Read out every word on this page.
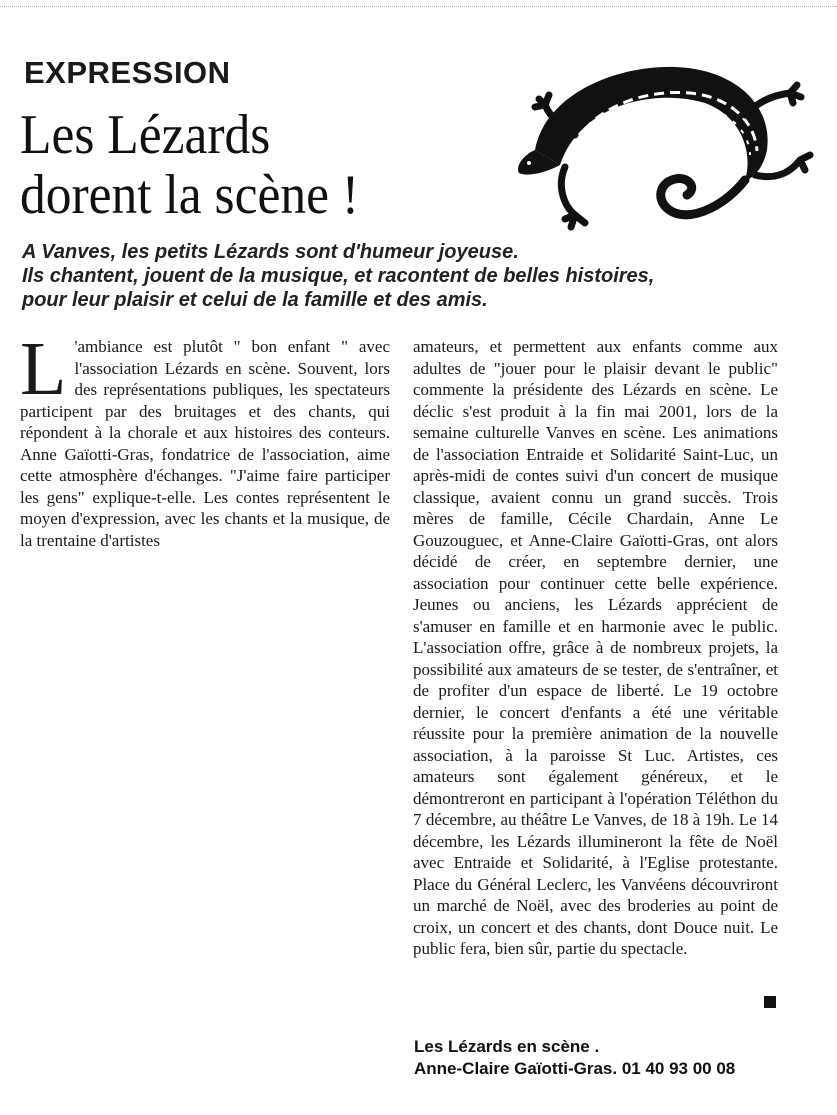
EXPRESSION
Les Lézards
dorent la scène !
A Vanves, les petits Lézards sont d'humeur joyeuse.
Ils chantent, jouent de la musique, et racontent de belles histoires,
pour leur plaisir et celui de la famille et des amis.
L 'ambiance est plutôt " bon enfant " avec l'association Lézards en scène. Souvent, lors des représentations publiques, les spectateurs participent par des bruitages et des chants, qui répondent à la chorale et aux histoires des conteurs. Anne Gaïotti-Gras, fondatrice de l'association, aime cette atmosphère d'échanges. "J'aime faire participer les gens" explique-t-elle. Les contes représentent le moyen d'expression, avec les chants et la musique, de la trentaine d'artistes

amateurs, et permettent aux enfants comme aux adultes de "jouer pour le plaisir devant le public" commente la présidente des Lézards en scène. Le déclic s'est produit à la fin mai 2001, lors de la semaine culturelle Vanves en scène. Les animations de l'association Entraide et Solidarité Saint-Luc, un après-midi de contes suivi d'un concert de musique classique, avaient connu un grand succès. Trois mères de famille, Cécile Chardain, Anne Le Gouzouguec, et Anne-Claire Gaïotti-Gras, ont alors décidé de créer, en septembre dernier, une association pour continuer cette belle expérience. Jeunes ou anciens, les Lézards apprécient de s'amuser en famille et en harmonie avec le public. L'association offre, grâce à de nombreux projets, la possibilité aux amateurs de se tester, de s'entraîner, et de profiter d'un espace de liberté. Le 19 octobre dernier, le concert d'enfants a été une véritable réussite pour la première animation de la nouvelle association, à la paroisse St Luc. Artistes, ces amateurs sont également généreux, et le démontreront en participant à l'opération Téléthon du 7 décembre, au théâtre Le Vanves, de 18 à 19h. Le 14 décembre, les Lézards illumineront la fête de Noël avec Entraide et Solidarité, à l'Eglise protestante. Place du Général Leclerc, les Vanvéens découvriront un marché de Noël, avec des broderies au point de croix, un concert et des chants, dont Douce nuit. Le public fera, bien sûr, partie du spectacle.

Les Lézards en scène .
Anne-Claire Gaïotti-Gras. 01 40 93 00 08
